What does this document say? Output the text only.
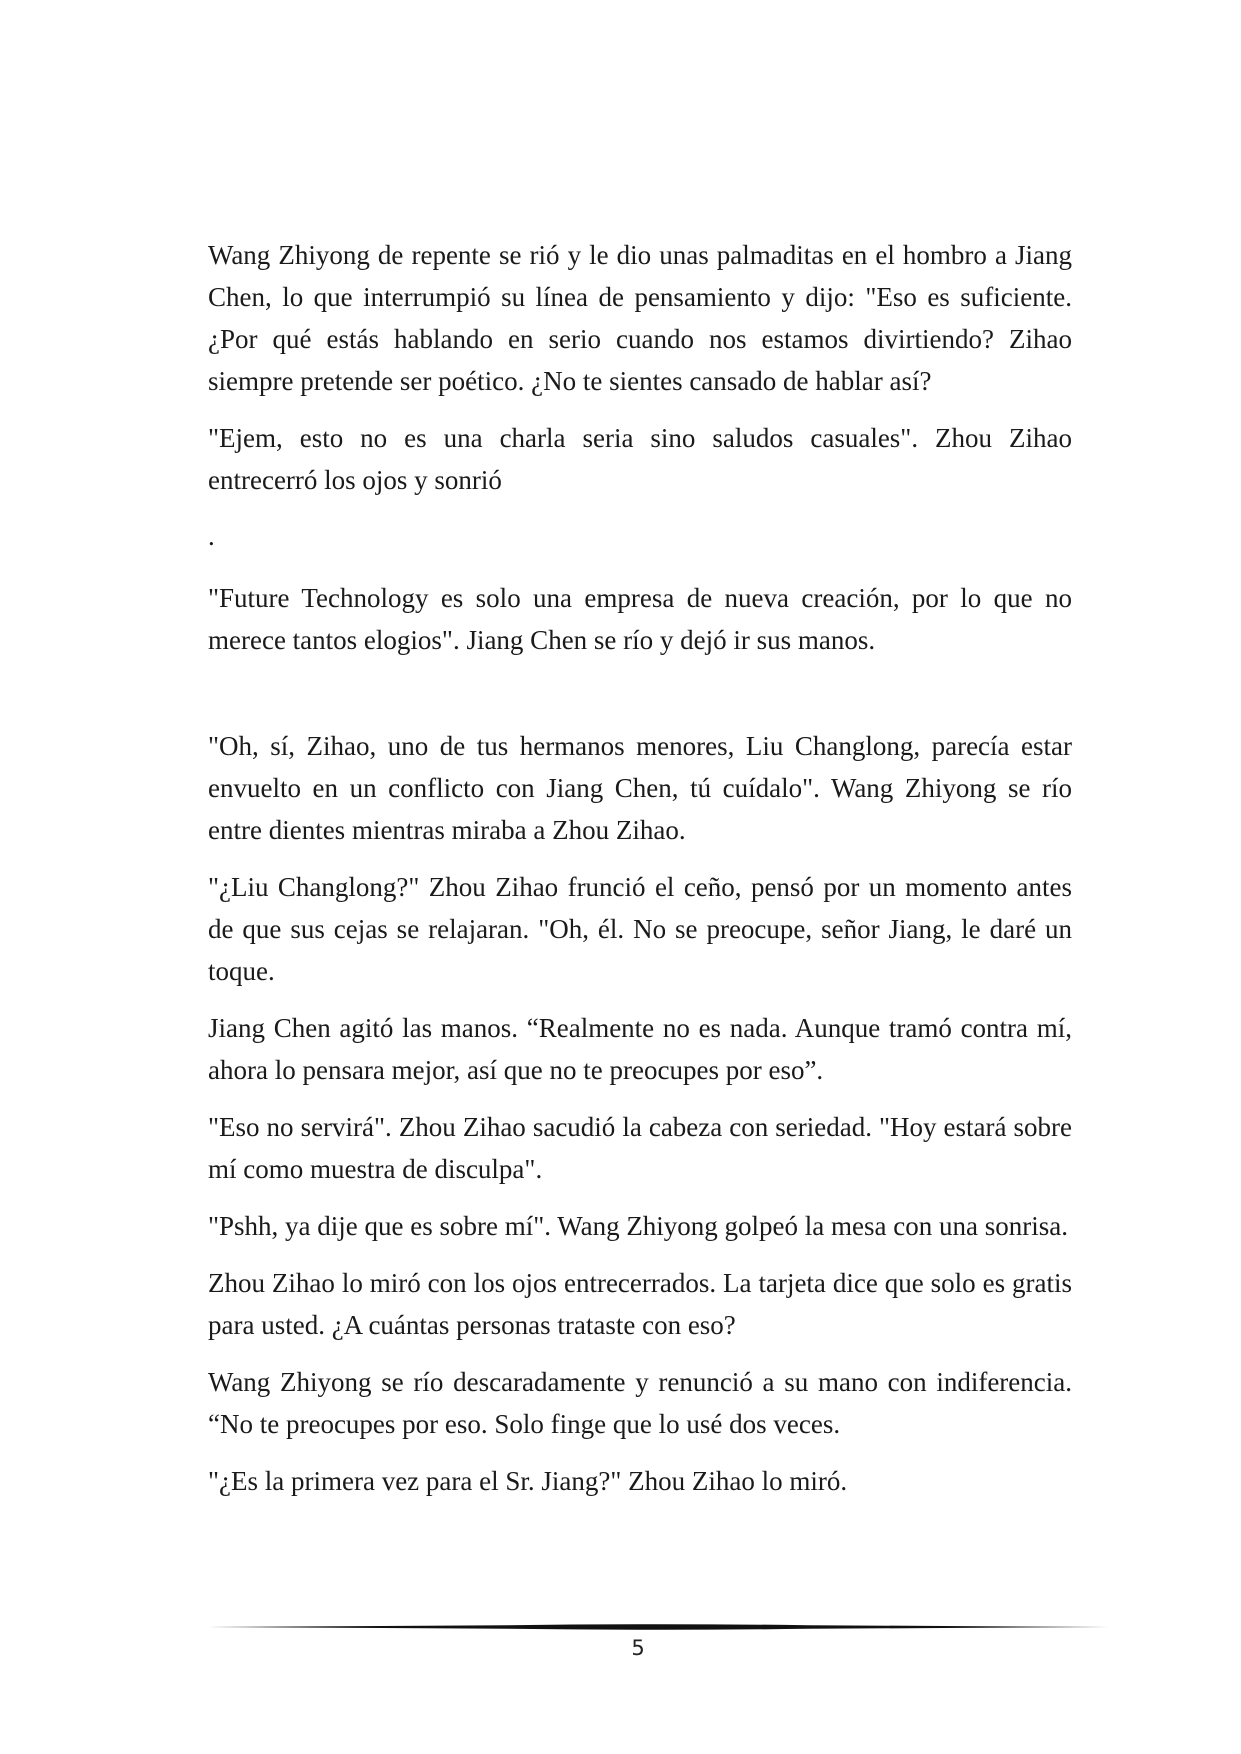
Wang Zhiyong de repente se rió y le dio unas palmaditas en el hombro a Jiang Chen, lo que interrumpió su línea de pensamiento y dijo: "Eso es suficiente. ¿Por qué estás hablando en serio cuando nos estamos divirtiendo? Zihao siempre pretende ser poético. ¿No te sientes cansado de hablar así?

"Ejem, esto no es una charla seria sino saludos casuales". Zhou Zihao entrecerró los ojos y sonrió

.

"Future Technology es solo una empresa de nueva creación, por lo que no merece tantos elogios". Jiang Chen se río y dejó ir sus manos.

"Oh, sí, Zihao, uno de tus hermanos menores, Liu Changlong, parecía estar envuelto en un conflicto con Jiang Chen, tú cuídalo". Wang Zhiyong se río entre dientes mientras miraba a Zhou Zihao.

"¿Liu Changlong?" Zhou Zihao frunció el ceño, pensó por un momento antes de que sus cejas se relajaran. "Oh, él. No se preocupe, señor Jiang, le daré un toque.

Jiang Chen agitó las manos. “Realmente no es nada. Aunque tramó contra mí, ahora lo pensara mejor, así que no te preocupes por eso”.

"Eso no servirá". Zhou Zihao sacudió la cabeza con seriedad. "Hoy estará sobre mí como muestra de disculpa".

"Pshh, ya dije que es sobre mí". Wang Zhiyong golpeó la mesa con una sonrisa.

Zhou Zihao lo miró con los ojos entrecerrados. La tarjeta dice que solo es gratis para usted. ¿A cuántas personas trataste con eso?

Wang Zhiyong se río descaradamente y renunció a su mano con indiferencia. “No te preocupes por eso. Solo finge que lo usé dos veces.

"¿Es la primera vez para el Sr. Jiang?" Zhou Zihao lo miró.

5
